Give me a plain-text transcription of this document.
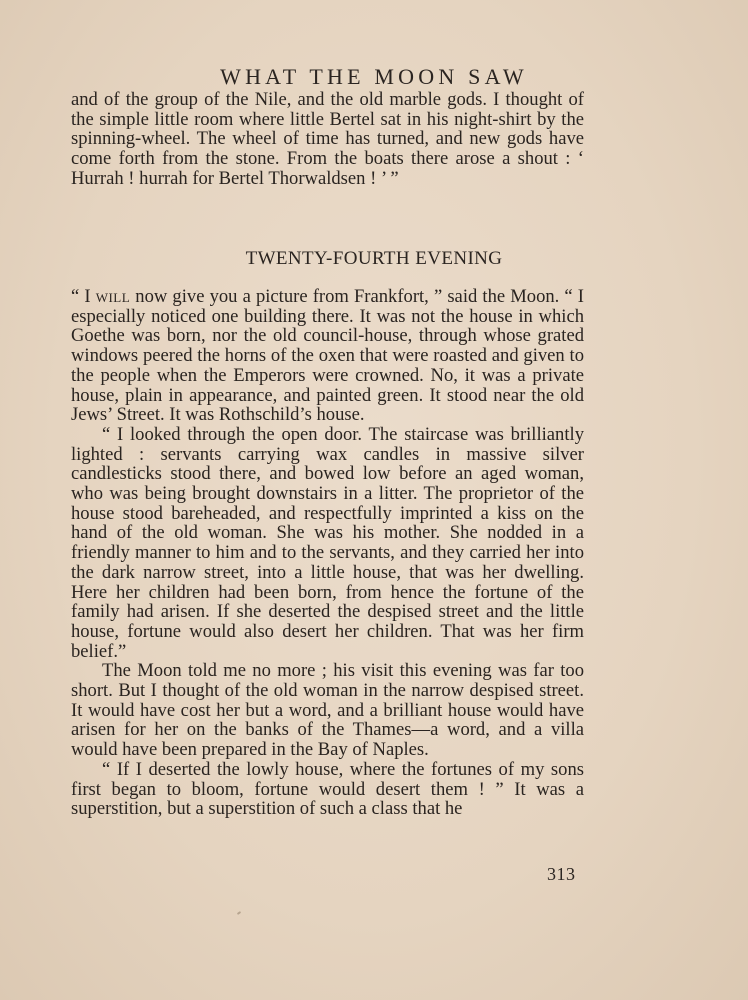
WHAT THE MOON SAW

and of the group of the Nile, and the old marble gods. I thought of the simple little room where little Bertel sat in his night-shirt by the spinning-wheel. The wheel of time has turned, and new gods have come forth from the stone. From the boats there arose a shout : ‘ Hurrah ! hurrah for Bertel Thorwaldsen ! ’ ”

TWENTY-FOURTH EVENING

“ I will now give you a picture from Frankfort, ” said the Moon. “ I especially noticed one building there. It was not the house in which Goethe was born, nor the old council-house, through whose grated windows peered the horns of the oxen that were roasted and given to the people when the Emperors were crowned. No, it was a private house, plain in appearance, and painted green. It stood near the old Jews’ Street. It was Rothschild’s house.

“ I looked through the open door. The staircase was brilliantly lighted : servants carrying wax candles in massive silver candlesticks stood there, and bowed low before an aged woman, who was being brought downstairs in a litter. The proprietor of the house stood bareheaded, and respectfully imprinted a kiss on the hand of the old woman. She was his mother. She nodded in a friendly manner to him and to the servants, and they carried her into the dark narrow street, into a little house, that was her dwelling. Here her children had been born, from hence the fortune of the family had arisen. If she deserted the despised street and the little house, fortune would also desert her children. That was her firm belief.”

The Moon told me no more ; his visit this evening was far too short. But I thought of the old woman in the narrow despised street. It would have cost her but a word, and a brilliant house would have arisen for her on the banks of the Thames—a word, and a villa would have been prepared in the Bay of Naples.

“ If I deserted the lowly house, where the fortunes of my sons first began to bloom, fortune would desert them ! ” It was a superstition, but a superstition of such a class that he

313
